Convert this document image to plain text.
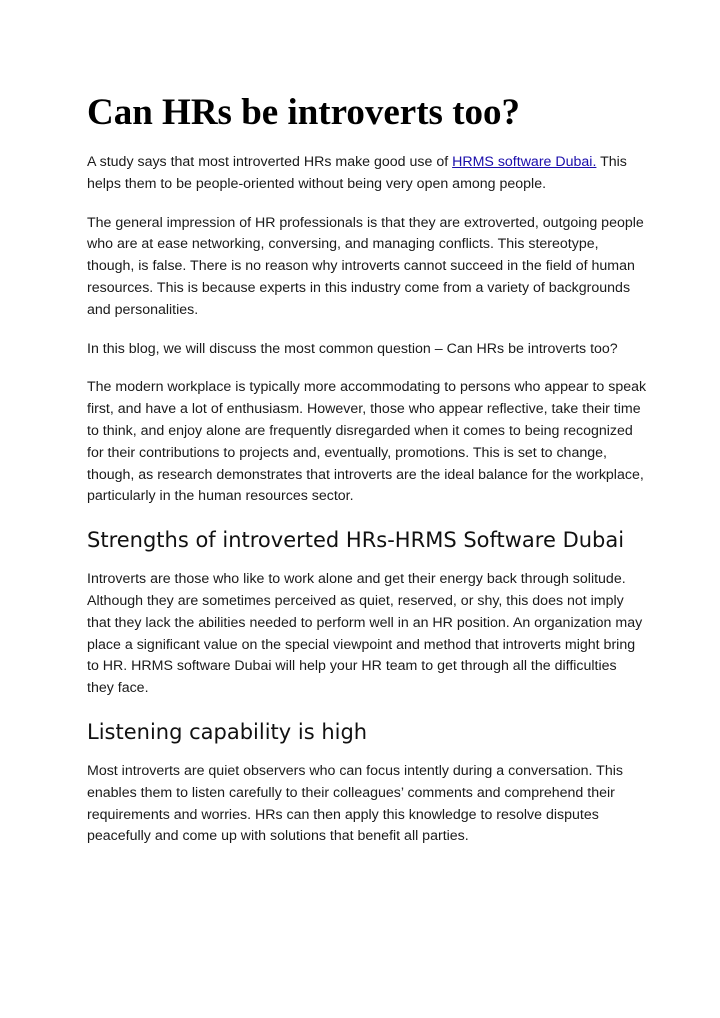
Can HRs be introverts too?

A study says that most introverted HRs make good use of HRMS software Dubai. This helps them to be people-oriented without being very open among people.

The general impression of HR professionals is that they are extroverted, outgoing people who are at ease networking, conversing, and managing conflicts. This stereotype, though, is false. There is no reason why introverts cannot succeed in the field of human resources. This is because experts in this industry come from a variety of backgrounds and personalities.

In this blog, we will discuss the most common question – Can HRs be introverts too?

The modern workplace is typically more accommodating to persons who appear to speak first, and have a lot of enthusiasm. However, those who appear reflective, take their time to think, and enjoy alone are frequently disregarded when it comes to being recognized for their contributions to projects and, eventually, promotions. This is set to change, though, as research demonstrates that introverts are the ideal balance for the workplace, particularly in the human resources sector.

Strengths of introverted HRs-HRMS Software Dubai

Introverts are those who like to work alone and get their energy back through solitude. Although they are sometimes perceived as quiet, reserved, or shy, this does not imply that they lack the abilities needed to perform well in an HR position. An organization may place a significant value on the special viewpoint and method that introverts might bring to HR. HRMS software Dubai will help your HR team to get through all the difficulties they face.

Listening capability is high

Most introverts are quiet observers who can focus intently during a conversation. This enables them to listen carefully to their colleagues’ comments and comprehend their requirements and worries. HRs can then apply this knowledge to resolve disputes peacefully and come up with solutions that benefit all parties.
